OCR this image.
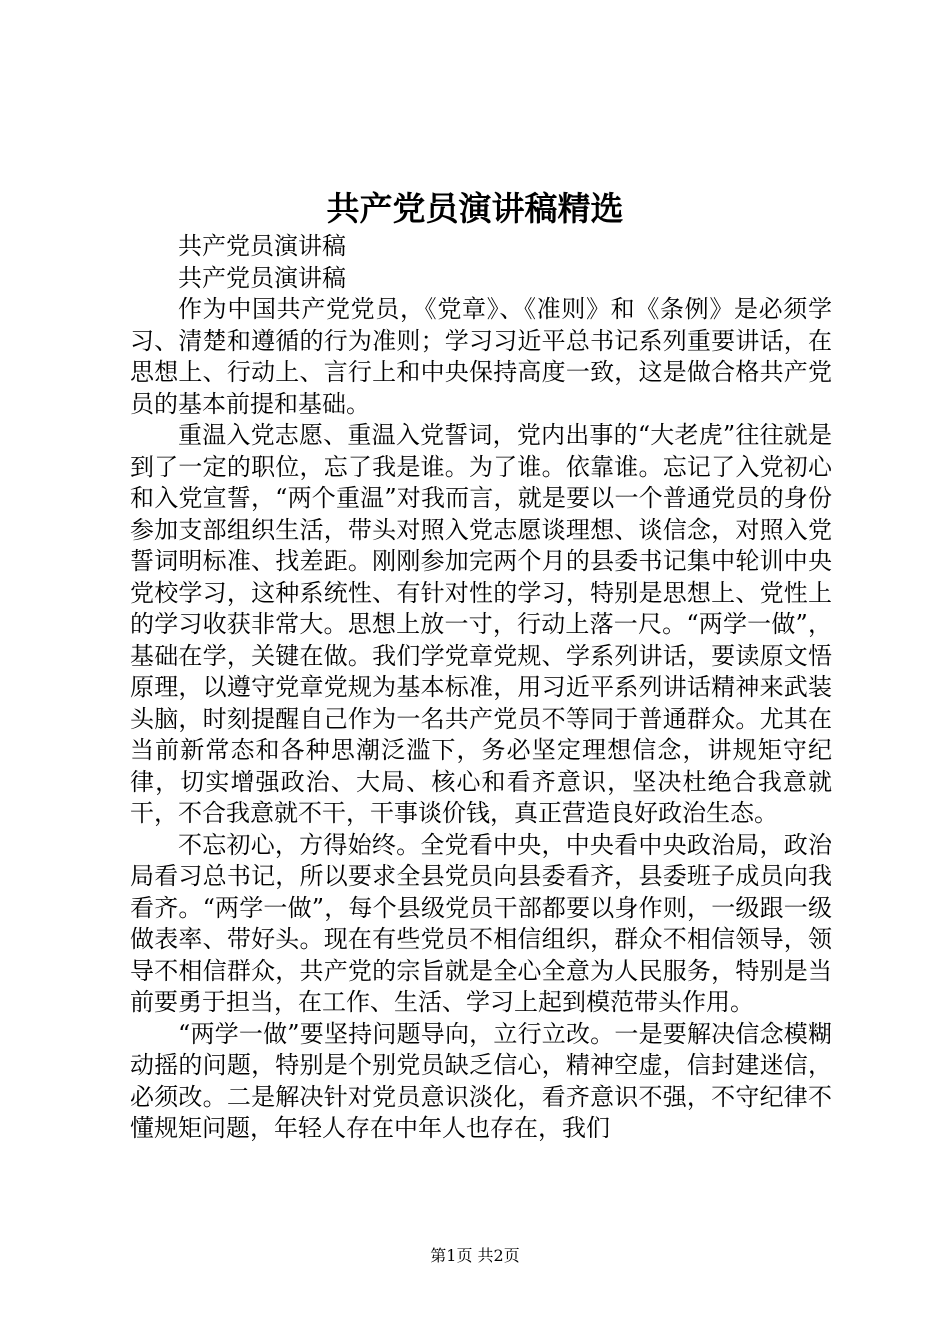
共产党员演讲稿精选

共产党员演讲稿

共产党员演讲稿

作为中国共产党党员，《党章》、《准则》和《条例》是必须学习、清楚和遵循的行为准则；学习习近平总书记系列重要讲话，在思想上、行动上、言行上和中央保持高度一致，这是做合格共产党员的基本前提和基础。

重温入党志愿、重温入党誓词，党内出事的“大老虎”往往就是到了一定的职位，忘了我是谁。为了谁。依靠谁。忘记了入党初心和入党宣誓，“两个重温”对我而言，就是要以一个普通党员的身份参加支部组织生活，带头对照入党志愿谈理想、谈信念，对照入党誓词明标准、找差距。刚刚参加完两个月的县委书记集中轮训中央党校学习，这种系统性、有针对性的学习，特别是思想上、党性上的学习收获非常大。思想上放一寸，行动上落一尺。“两学一做”，基础在学，关键在做。我们学党章党规、学系列讲话，要读原文悟原理，以遵守党章党规为基本标准，用习近平系列讲话精神来武装头脑，时刻提醒自己作为一名共产党员不等同于普通群众。尤其在当前新常态和各种思潮泛滥下，务必坚定理想信念，讲规矩守纪律，切实增强政治、大局、核心和看齐意识，坚决杜绝合我意就干，不合我意就不干，干事谈价钱，真正营造良好政治生态。

不忘初心，方得始终。全党看中央，中央看中央政治局，政治局看习总书记，所以要求全县党员向县委看齐，县委班子成员向我看齐。“两学一做”，每个县级党员干部都要以身作则，一级跟一级做表率、带好头。现在有些党员不相信组织，群众不相信领导，领导不相信群众，共产党的宗旨就是全心全意为人民服务，特别是当前要勇于担当，在工作、生活、学习上起到模范带头作用。

“两学一做”要坚持问题导向，立行立改。一是要解决信念模糊动摇的问题，特别是个别党员缺乏信心，精神空虚，信封建迷信，必须改。二是解决针对党员意识淡化，看齐意识不强，不守纪律不懂规矩问题，年轻人存在中年人也存在，我们

第1页 共2页
